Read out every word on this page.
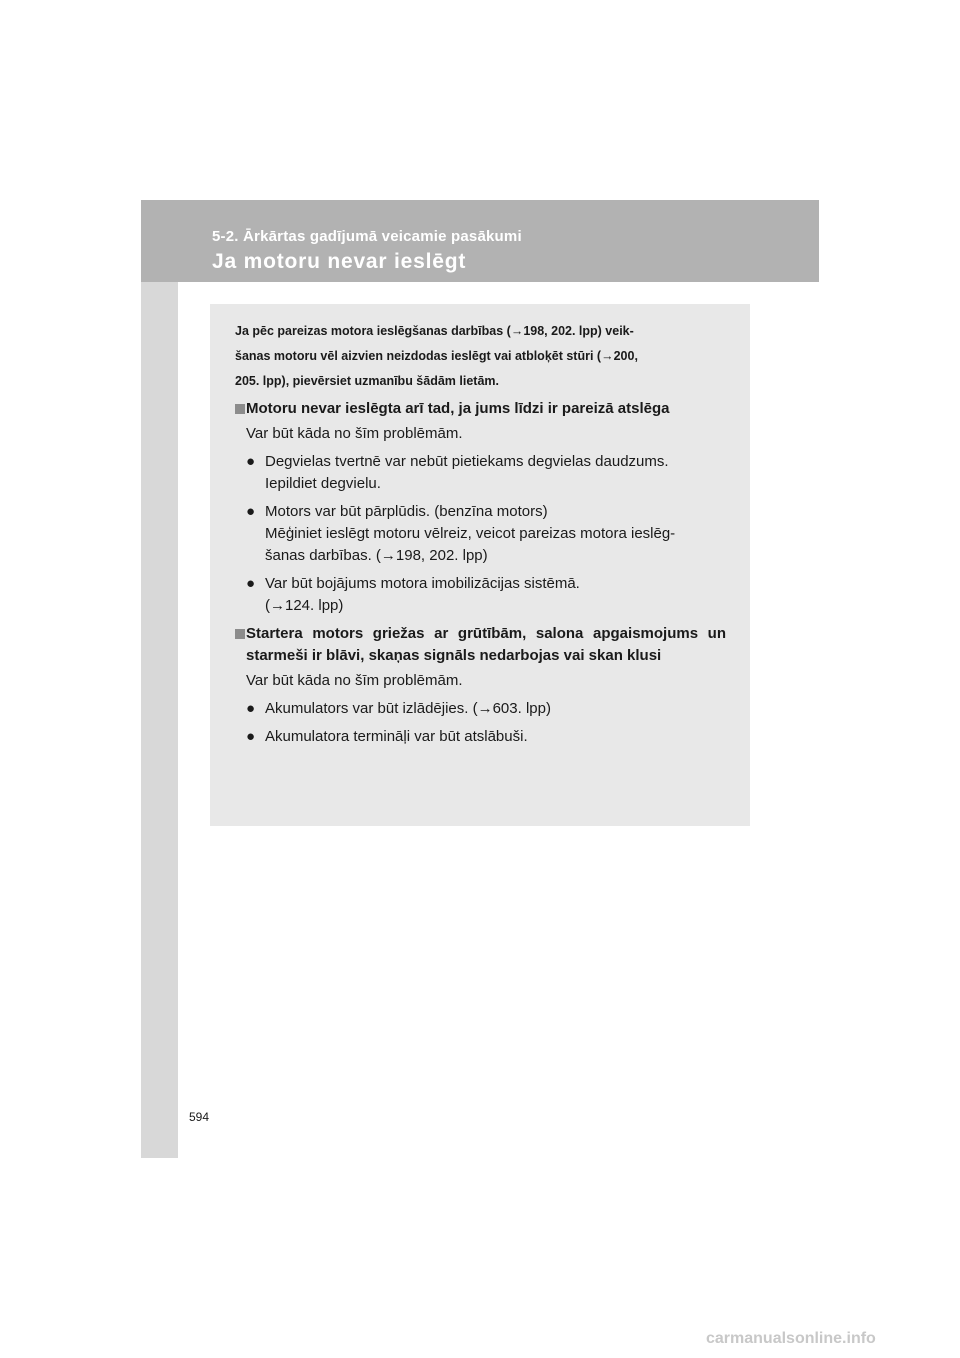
5-2. Ārkārtas gadījumā veicamie pasākumi
Ja motoru nevar ieslēgt

Ja pēc pareizas motora ieslēgšanas darbības (→198, 202. lpp) veik-
šanas motoru vēl aizvien neizdodas ieslēgt vai atbloķēt stūri (→200,
205. lpp), pievērsiet uzmanību šādām lietām.

Motoru nevar ieslēgta arī tad, ja jums līdzi ir pareizā atslēga
Var būt kāda no šīm problēmām.
● Degvielas tvertnē var nebūt pietiekams degvielas daudzums.
Iepildiet degvielu.
● Motors var būt pārplūdis. (benzīna motors)
Mēģiniet ieslēgt motoru vēlreiz, veicot pareizas motora ieslēg-
šanas darbības. (→198, 202. lpp)
● Var būt bojājums motora imobilizācijas sistēmā.
(→124. lpp)
Startera motors griežas ar grūtībām, salona apgaismojums un starmeši ir blāvi, skaņas signāls nedarbojas vai skan klusi
Var būt kāda no šīm problēmām.
● Akumulators var būt izlādējies. (→603. lpp)
● Akumulatora termināļi var būt atslābuši.
594
carmanualsonline.info
